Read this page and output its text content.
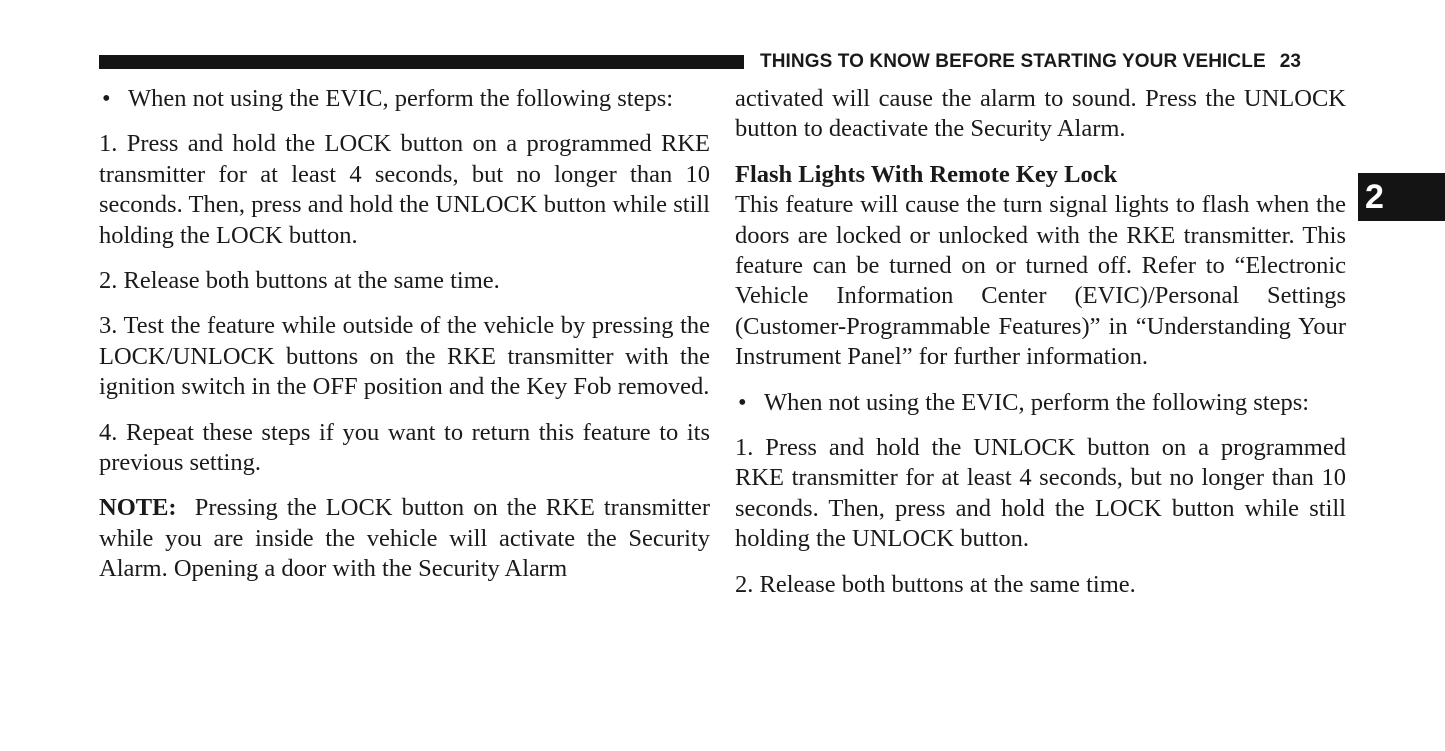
THINGS TO KNOW BEFORE STARTING YOUR VEHICLE 23
2

• When not using the EVIC, perform the following steps:

1. Press and hold the LOCK button on a programmed RKE transmitter for at least 4 seconds, but no longer than 10 seconds. Then, press and hold the UNLOCK button while still holding the LOCK button.

2. Release both buttons at the same time.

3. Test the feature while outside of the vehicle by pressing the LOCK/UNLOCK buttons on the RKE transmitter with the ignition switch in the OFF position and the Key Fob removed.

4. Repeat these steps if you want to return this feature to its previous setting.

NOTE: Pressing the LOCK button on the RKE transmitter while you are inside the vehicle will activate the Security Alarm. Opening a door with the Security Alarm

activated will cause the alarm to sound. Press the UNLOCK button to deactivate the Security Alarm.

Flash Lights With Remote Key Lock

This feature will cause the turn signal lights to flash when the doors are locked or unlocked with the RKE transmitter. This feature can be turned on or turned off. Refer to “Electronic Vehicle Information Center (EVIC)/Personal Settings (Customer-Programmable Features)” in “Understanding Your Instrument Panel” for further information.

• When not using the EVIC, perform the following steps:

1. Press and hold the UNLOCK button on a programmed RKE transmitter for at least 4 seconds, but no longer than 10 seconds. Then, press and hold the LOCK button while still holding the UNLOCK button.

2. Release both buttons at the same time.
